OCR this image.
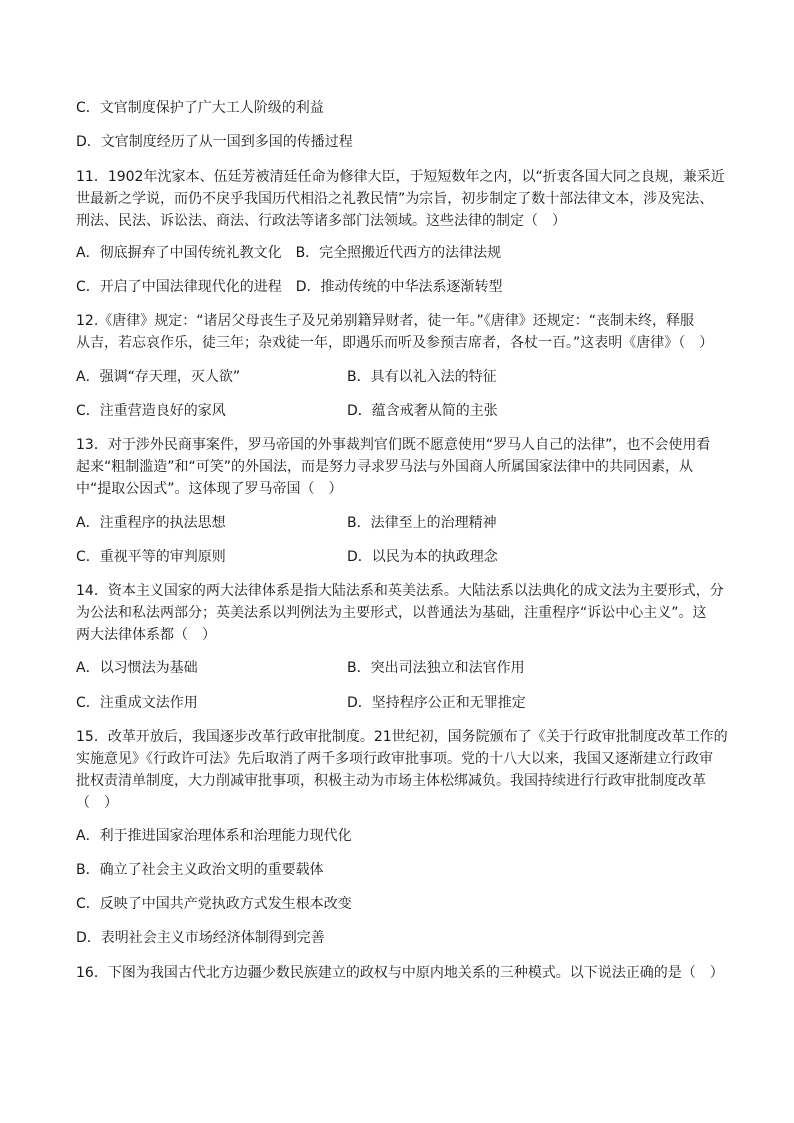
C．文官制度保护了广大工人阶级的利益
D．文官制度经历了从一国到多国的传播过程
11．1902年沈家本、伍廷芳被清廷任命为修律大臣，于短短数年之内，以“折衷各国大同之良规，兼采近
世最新之学说，而仍不戾乎我国历代相沿之礼教民情”为宗旨，初步制定了数十部法律文本，涉及宪法、
刑法、民法、诉讼法、商法、行政法等诸多部门法领域。这些法律的制定（　）
A．彻底摒弃了中国传统礼教文化　B．完全照搬近代西方的法律法规
C．开启了中国法律现代化的进程　D．推动传统的中华法系逐渐转型
12.《唐律》规定：“诸居父母丧生子及兄弟别籍异财者，徒一年。”《唐律》还规定：“丧制未终，释服
从吉，若忘哀作乐，徒三年；杂戏徒一年，即遇乐而听及参预吉席者，各杖一百。”这表明《唐律》（　）
A．强调“存天理，灭人欲”	B．具有以礼入法的特征
C．注重营造良好的家风	D．蕴含戒奢从简的主张
13．对于涉外民商事案件，罗马帝国的外事裁判官们既不愿意使用“罗马人自己的法律”，也不会使用看
起来“粗制滥造”和“可笑”的外国法，而是努力寻求罗马法与外国商人所属国家法律中的共同因素，从
中“提取公因式”。这体现了罗马帝国（　）
A．注重程序的执法思想	B．法律至上的治理精神
C．重视平等的审判原则	D．以民为本的执政理念
14．资本主义国家的两大法律体系是指大陆法系和英美法系。大陆法系以法典化的成文法为主要形式，分
为公法和私法两部分；英美法系以判例法为主要形式，以普通法为基础，注重程序“诉讼中心主义”。这
两大法律体系都（　）
A．以习惯法为基础	B．突出司法独立和法官作用
C．注重成文法作用	D．坚持程序公正和无罪推定
15．改革开放后，我国逐步改革行政审批制度。21世纪初，国务院颁布了《关于行政审批制度改革工作的
实施意见》《行政许可法》先后取消了两千多项行政审批事项。党的十八大以来，我国又逐渐建立行政审
批权责清单制度，大力削减审批事项，积极主动为市场主体松绑减负。我国持续进行行政审批制度改革
（　）
A．利于推进国家治理体系和治理能力现代化
B．确立了社会主义政治文明的重要载体
C．反映了中国共产党执政方式发生根本改变
D．表明社会主义市场经济体制得到完善
16．下图为我国古代北方边疆少数民族建立的政权与中原内地关系的三种模式。以下说法正确的是（　）
